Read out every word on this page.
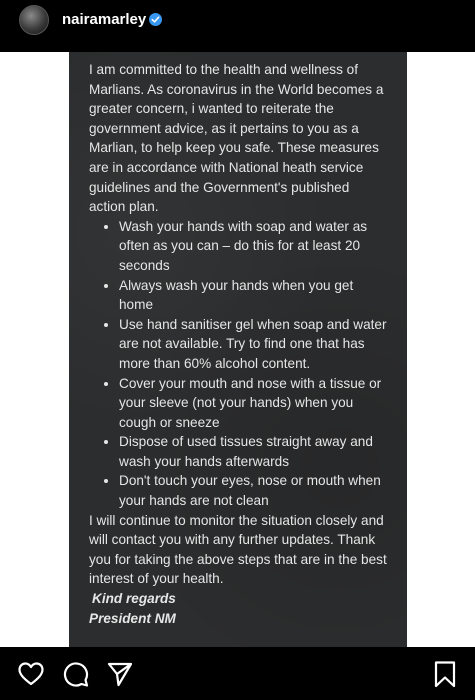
nairamarley

I am committed to the health and wellness of Marlians. As coronavirus in the World becomes a greater concern, i wanted to reiterate the government advice, as it pertains to you as a Marlian, to help keep you safe. These measures are in accordance with National heath service guidelines and the Government's published action plan.

• Wash your hands with soap and water as often as you can – do this for at least 20 seconds
• Always wash your hands when you get home
• Use hand sanitiser gel when soap and water are not available. Try to find one that has more than 60% alcohol content.
• Cover your mouth and nose with a tissue or your sleeve (not your hands) when you cough or sneeze
• Dispose of used tissues straight away and wash your hands afterwards
• Don't touch your eyes, nose or mouth when your hands are not clean

I will continue to monitor the situation closely and will contact you with any further updates. Thank you for taking the above steps that are in the best interest of your health.

Kind regards

President NM
